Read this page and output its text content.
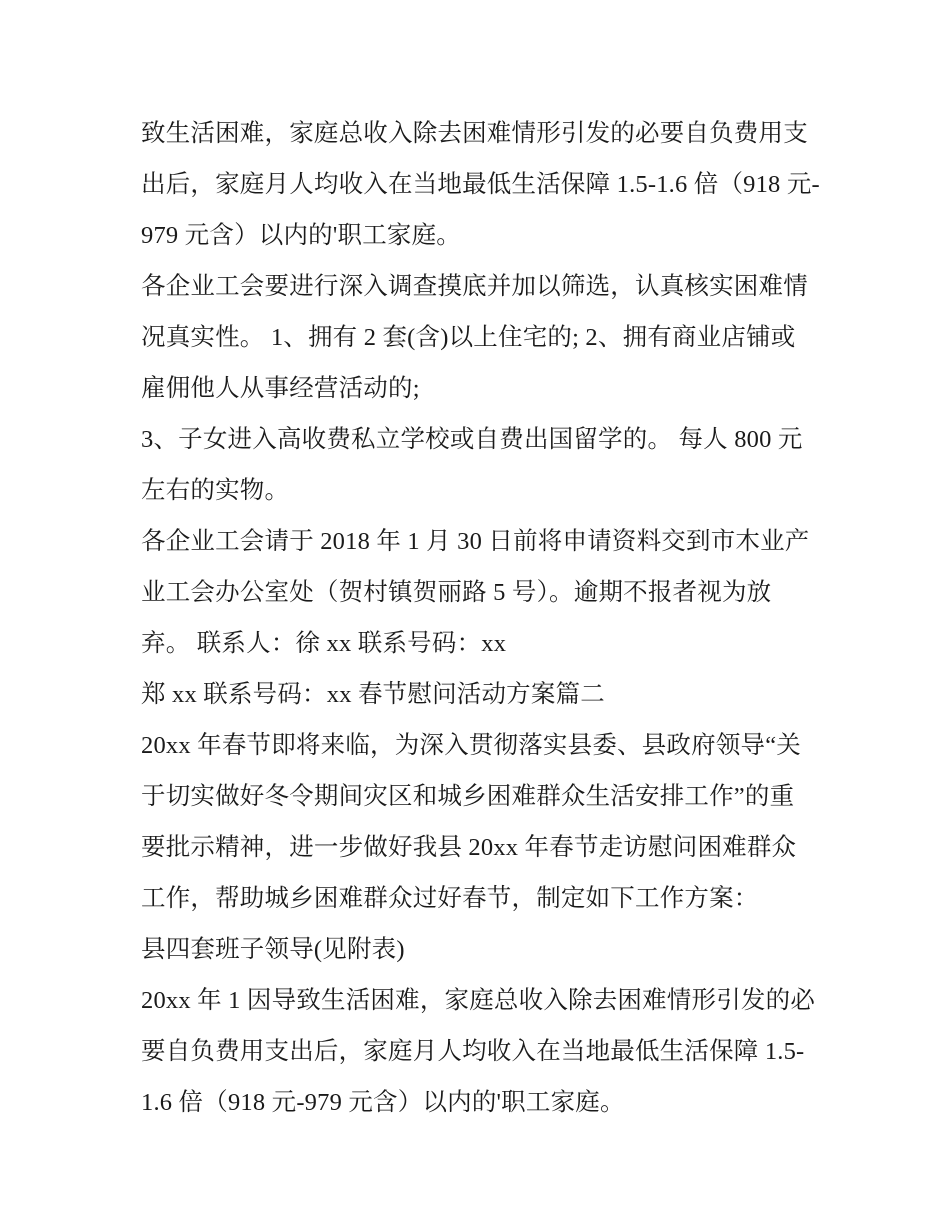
致生活困难，家庭总收入除去困难情形引发的必要自负费用支
出后，家庭月人均收入在当地最低生活保障 1.5-1.6 倍（918 元-
979 元含）以内的'职工家庭。
各企业工会要进行深入调查摸底并加以筛选，认真核实困难情
况真实性。 1、拥有 2 套(含)以上住宅的; 2、拥有商业店铺或
雇佣他人从事经营活动的;
3、子女进入高收费私立学校或自费出国留学的。 每人 800 元
左右的实物。
各企业工会请于 2018 年 1 月 30 日前将申请资料交到市木业产
业工会办公室处（贺村镇贺丽路 5 号）。逾期不报者视为放
弃。 联系人：徐 xx 联系号码：xx
郑 xx 联系号码：xx 春节慰问活动方案篇二
20xx 年春节即将来临，为深入贯彻落实县委、县政府领导“关
于切实做好冬令期间灾区和城乡困难群众生活安排工作”的重
要批示精神，进一步做好我县 20xx 年春节走访慰问困难群众
工作，帮助城乡困难群众过好春节，制定如下工作方案：
县四套班子领导(见附表)
20xx 年 1 因导致生活困难，家庭总收入除去困难情形引发的必
要自负费用支出后，家庭月人均收入在当地最低生活保障 1.5-
1.6 倍（918 元-979 元含）以内的'职工家庭。
